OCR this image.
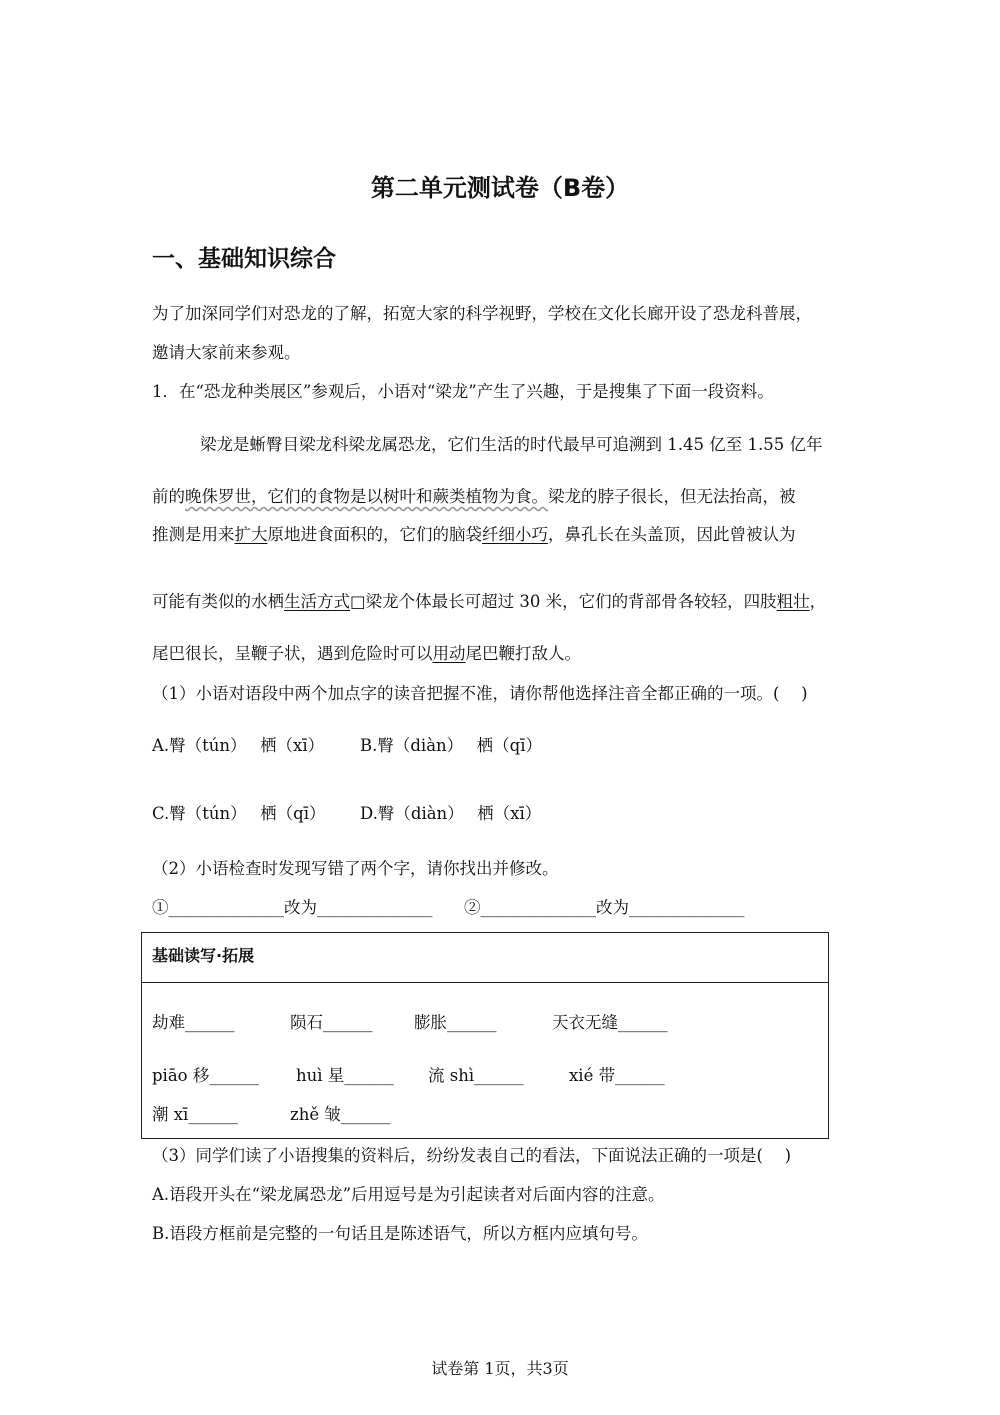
第二单元测试卷（B卷）
一、基础知识综合
为了加深同学们对恐龙的了解，拓宽大家的科学视野，学校在文化长廊开设了恐龙科普展，
邀请大家前来参观。
1．在“恐龙种类展区”参观后，小语对“梁龙”产生了兴趣，于是搜集了下面一段资料。
梁龙是蜥臀目梁龙科梁龙属恐龙，它们生活的时代最早可追溯到 1.45 亿至 1.55 亿年
前的晚侏罗世，它们的食物是以树叶和蕨类植物为食。梁龙的脖子很长，但无法抬高，被
推测是用来扩大原地进食面积的，它们的脑袋纤细小巧，鼻孔长在头盖顶，因此曾被认为
可能有类似的水栖生活方式□梁龙个体最长可超过 30 米，它们的背部骨各较轻，四肢粗壮，
尾巴很长，呈鞭子状，遇到危险时可以用动尾巴鞭打敌人。
（1）小语对语段中两个加点字的读音把握不准，请你帮他选择注音全都正确的一项。(　 )
A.臀（tún）　 栖（xī） B.臀（diàn）　 栖（qī）
C.臀（tún）　 栖（qī） D.臀（diàn）　 栖（xī）
（2）小语检查时发现写错了两个字，请你找出并修改。
①______________改为______________ ②______________改为______________
基础读写·拓展
劫难______	陨石______	膨胀______	天衣无缝______
piāo 移______ huì 星______ 流 shì______	xié 带______
潮 xī______	zhě 皱______
（3）同学们读了小语搜集的资料后，纷纷发表自己的看法，下面说法正确的一项是(　 )
A.语段开头在“梁龙属恐龙”后用逗号是为引起读者对后面内容的注意。
B.语段方框前是完整的一句话且是陈述语气，所以方框内应填句号。
试卷第 1页，共3页
